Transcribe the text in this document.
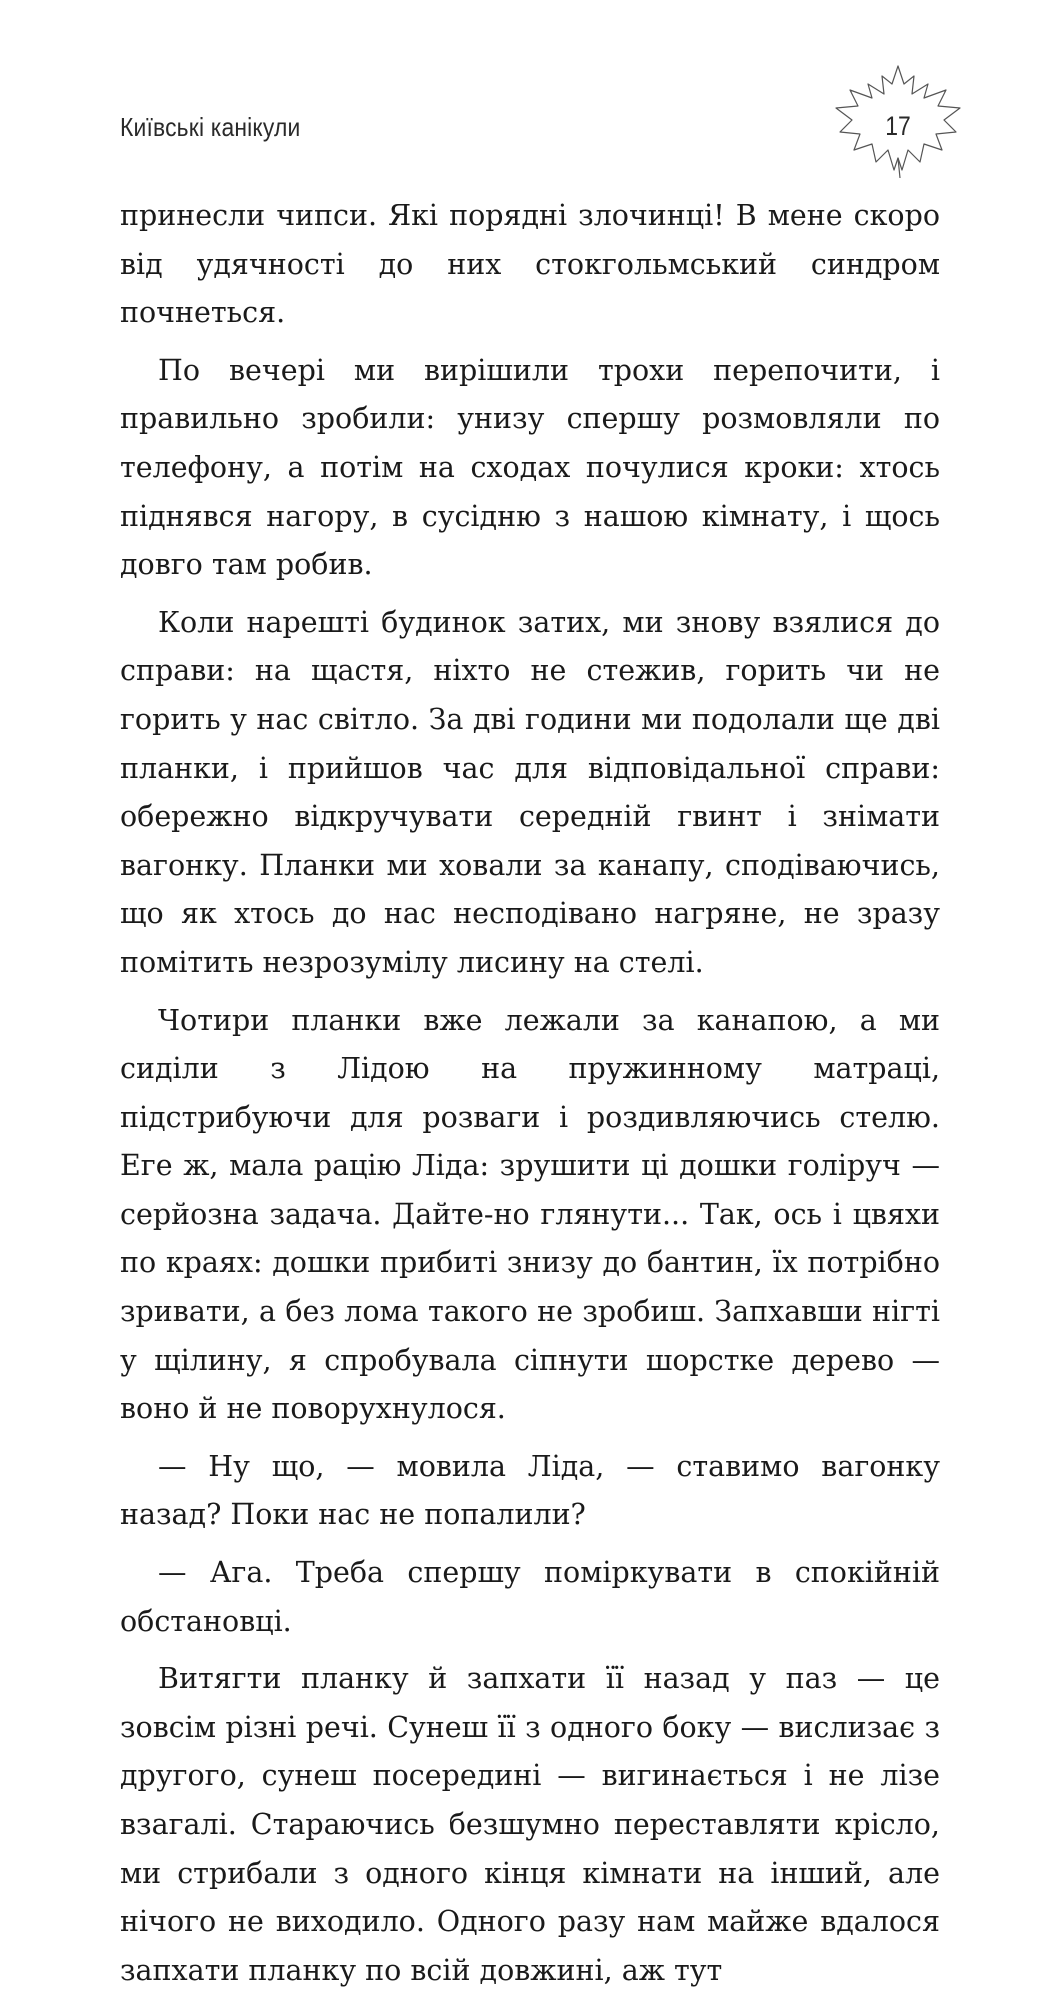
Київські канікули	17

принесли чипси. Які порядні злочинці! В мене скоро від удячності до них стокгольмський синдром почнеться.

По вечері ми вирішили трохи перепочити, і правильно зробили: унизу спершу розмовляли по телефону, а потім на сходах почулися кроки: хтось піднявся нагору, в сусідню з нашою кімнату, і щось довго там робив.

Коли нарешті будинок затих, ми знову взялися до справи: на щастя, ніхто не стежив, горить чи не горить у нас світло. За дві години ми подолали ще дві планки, і прийшов час для відповідальної справи: обережно відкручувати середній гвинт і знімати вагонку. Планки ми ховали за канапу, сподіваючись, що як хтось до нас несподівано нагряне, не зразу помітить незрозумілу лисину на стелі.

Чотири планки вже лежали за канапою, а ми сиділи з Лідою на пружинному матраці, підстрибуючи для розваги і роздивляючись стелю. Еге ж, мала рацію Ліда: зрушити ці дошки голіруч — серйозна задача. Дайте-но глянути... Так, ось і цвяхи по краях: дошки прибиті знизу до бантин, їх потрібно зривати, а без лома такого не зробиш. Запхавши нігті у щілину, я спробувала сіпнути шорстке дерево — воно й не поворухнулося.

— Ну що, — мовила Ліда, — ставимо вагонку назад? Поки нас не попалили?

— Ага. Треба спершу поміркувати в спокійній обстановці.

Витягти планку й запхати її назад у паз — це зовсім різні речі. Сунеш її з одного боку — вислизає з другого, сунеш посередині — вигинається і не лізе взагалі. Стараючись безшумно переставляти крісло, ми стрибали з одного кінця кімнати на інший, але нічого не виходило. Одного разу нам майже вдалося запхати планку по всій довжині, аж тут
